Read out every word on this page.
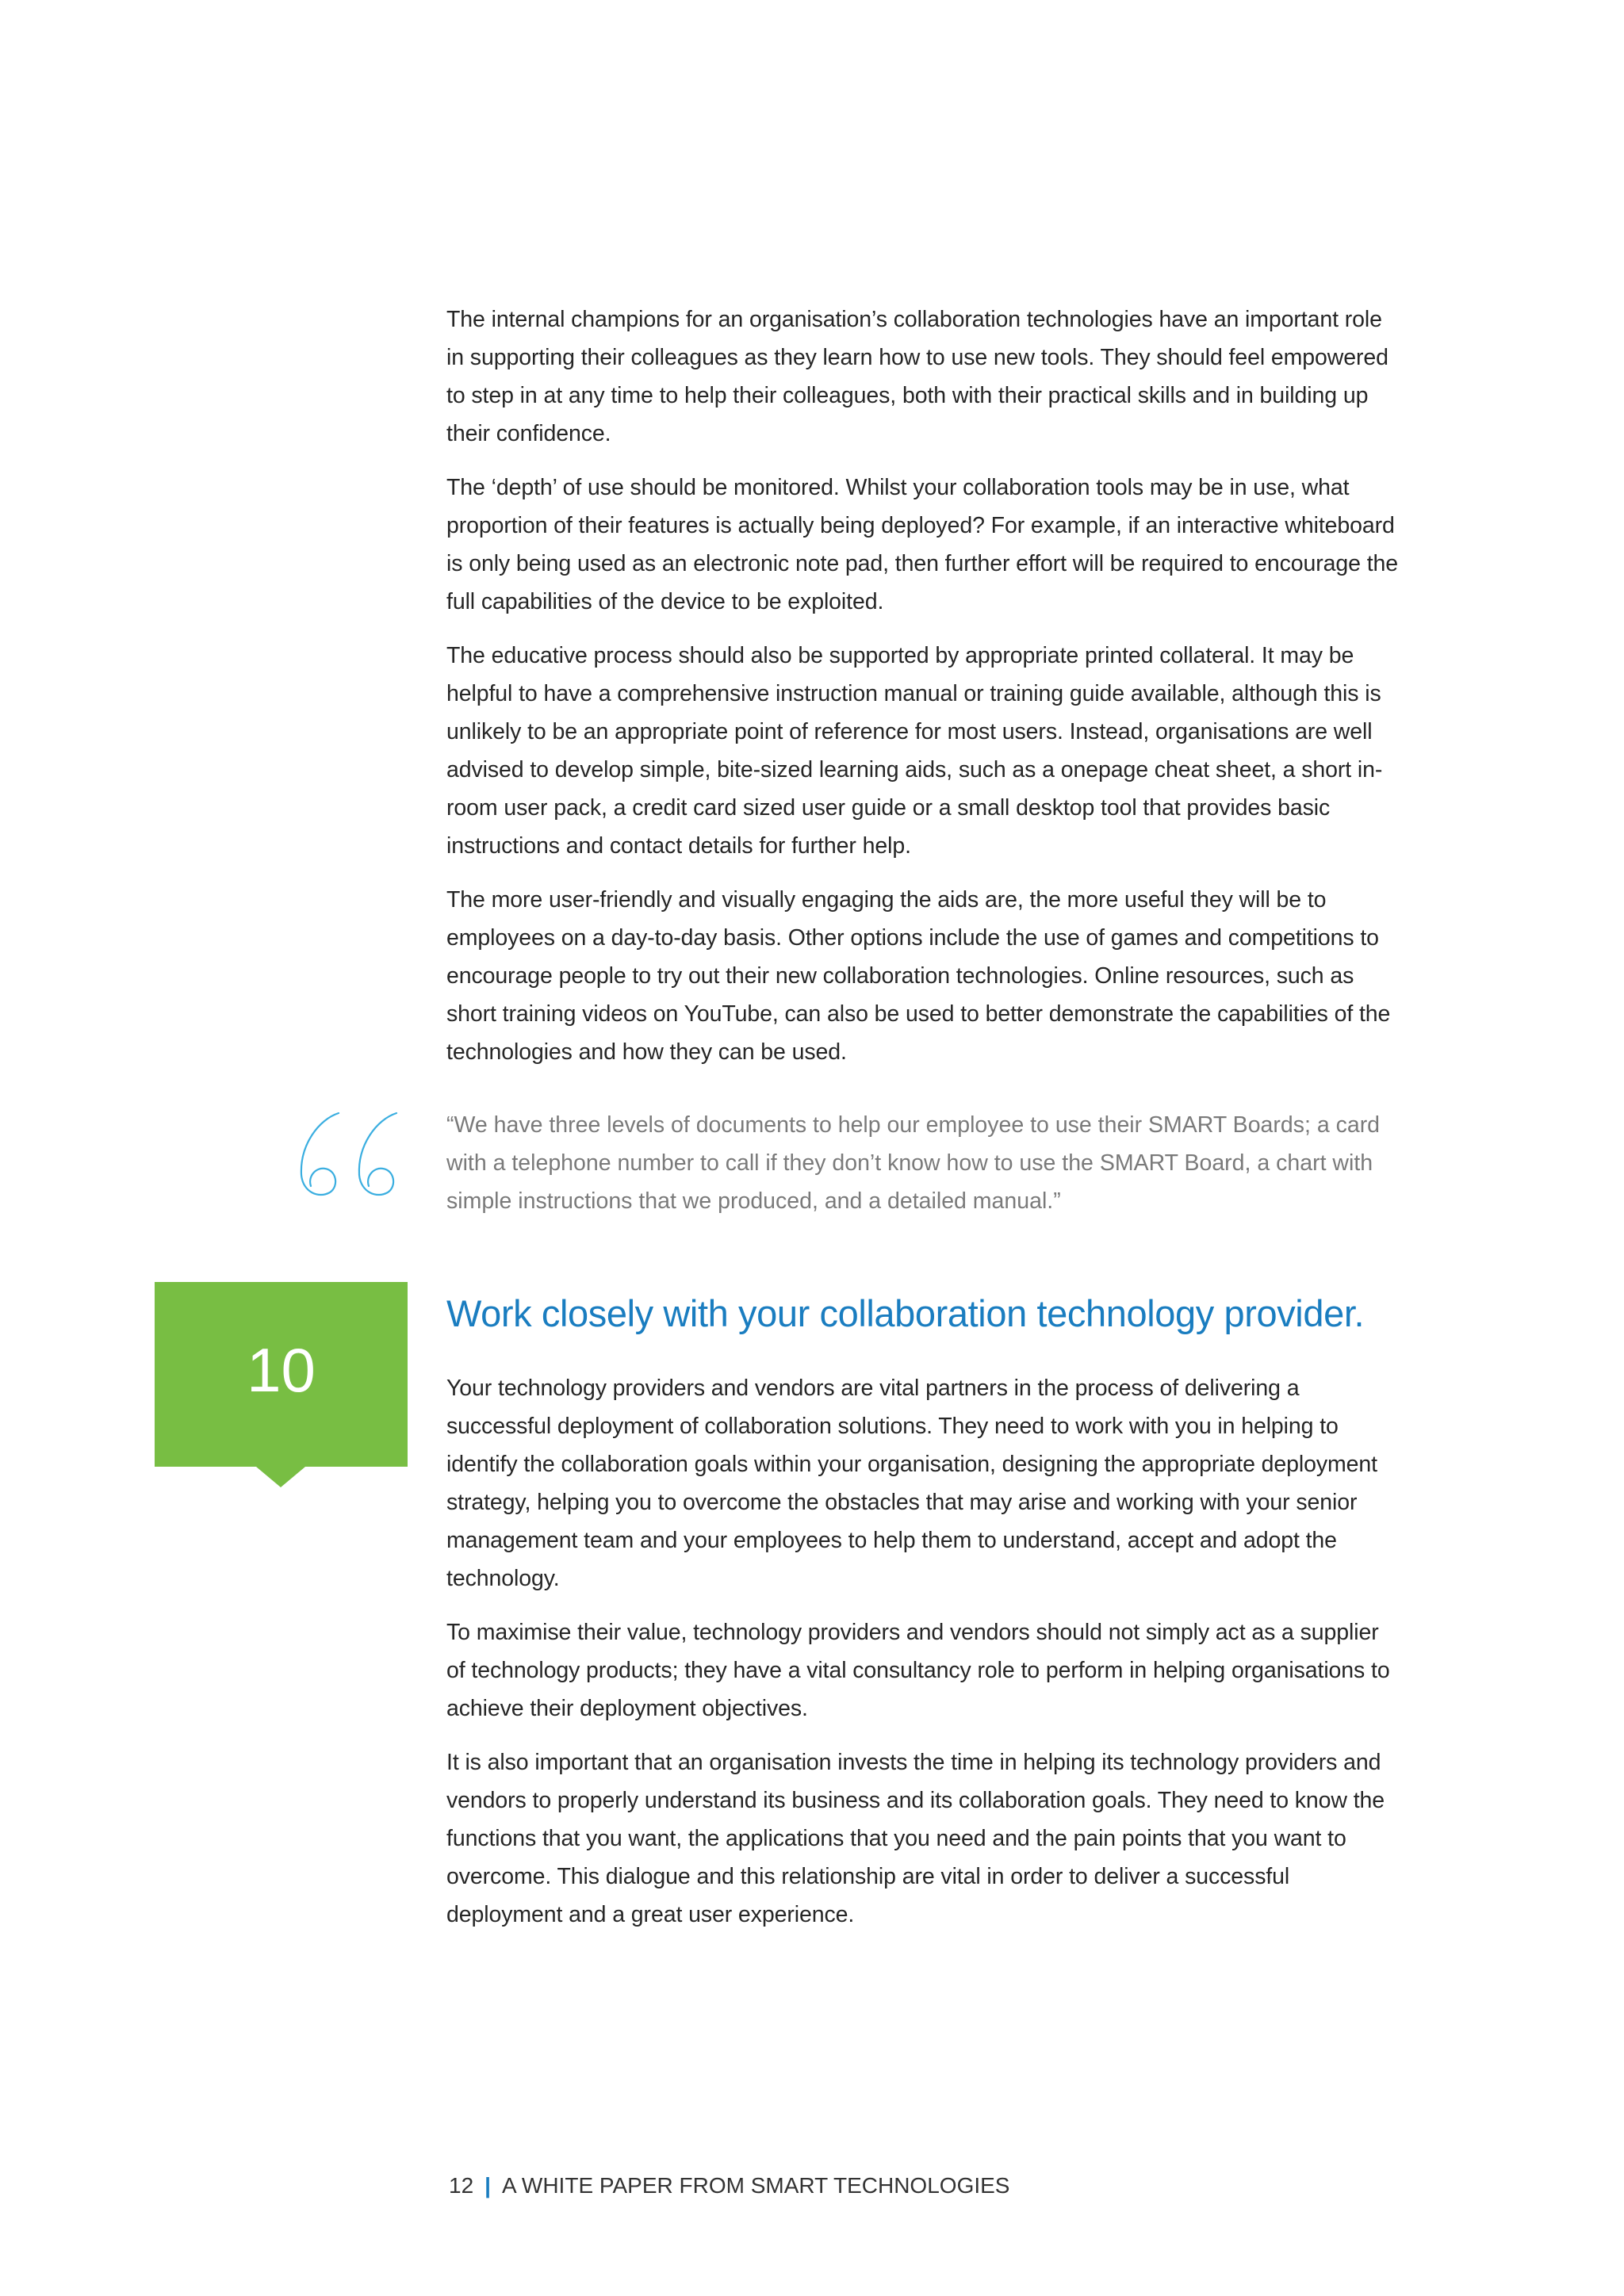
The internal champions for an organisation’s collaboration technologies have an important role in supporting their colleagues as they learn how to use new tools. They should feel empowered to step in at any time to help their colleagues, both with their practical skills and in building up their confidence.

The ‘depth’ of use should be monitored. Whilst your collaboration tools may be in use, what proportion of their features is actually being deployed? For example, if an interactive whiteboard is only being used as an electronic note pad, then further effort will be required to encourage the full capabilities of the device to be exploited.

The educative process should also be supported by appropriate printed collateral. It may be helpful to have a comprehensive instruction manual or training guide available, although this is unlikely to be an appropriate point of reference for most users. Instead, organisations are well advised to develop simple, bite-sized learning aids, such as a onepage cheat sheet, a short in-room user pack, a credit card sized user guide or a small desktop tool that provides basic instructions and contact details for further help.

The more user-friendly and visually engaging the aids are, the more useful they will be to employees on a day-to-day basis. Other options include the use of games and competitions to encourage people to try out their new collaboration technologies. Online resources, such as short training videos on YouTube, can also be used to better demonstrate the capabilities of the technologies and how they can be used.

“We have three levels of documents to help our employee to use their SMART Boards; a card with a telephone number to call if they don’t know how to use the SMART Board, a chart with simple instructions that we produced, and a detailed manual.”

10
Work closely with your collaboration technology provider.

Your technology providers and vendors are vital partners in the process of delivering a successful deployment of collaboration solutions. They need to work with you in helping to identify the collaboration goals within your organisation, designing the appropriate deployment strategy, helping you to overcome the obstacles that may arise and working with your senior management team and your employees to help them to understand, accept and adopt the technology.

To maximise their value, technology providers and vendors should not simply act as a supplier of technology products; they have a vital consultancy role to perform in helping organisations to achieve their deployment objectives.

It is also important that an organisation invests the time in helping its technology providers and vendors to properly understand its business and its collaboration goals. They need to know the functions that you want, the applications that you need and the pain points that you want to overcome. This dialogue and this relationship are vital in order to deliver a successful deployment and a great user experience.

12 | A WHITE PAPER FROM SMART TECHNOLOGIES
